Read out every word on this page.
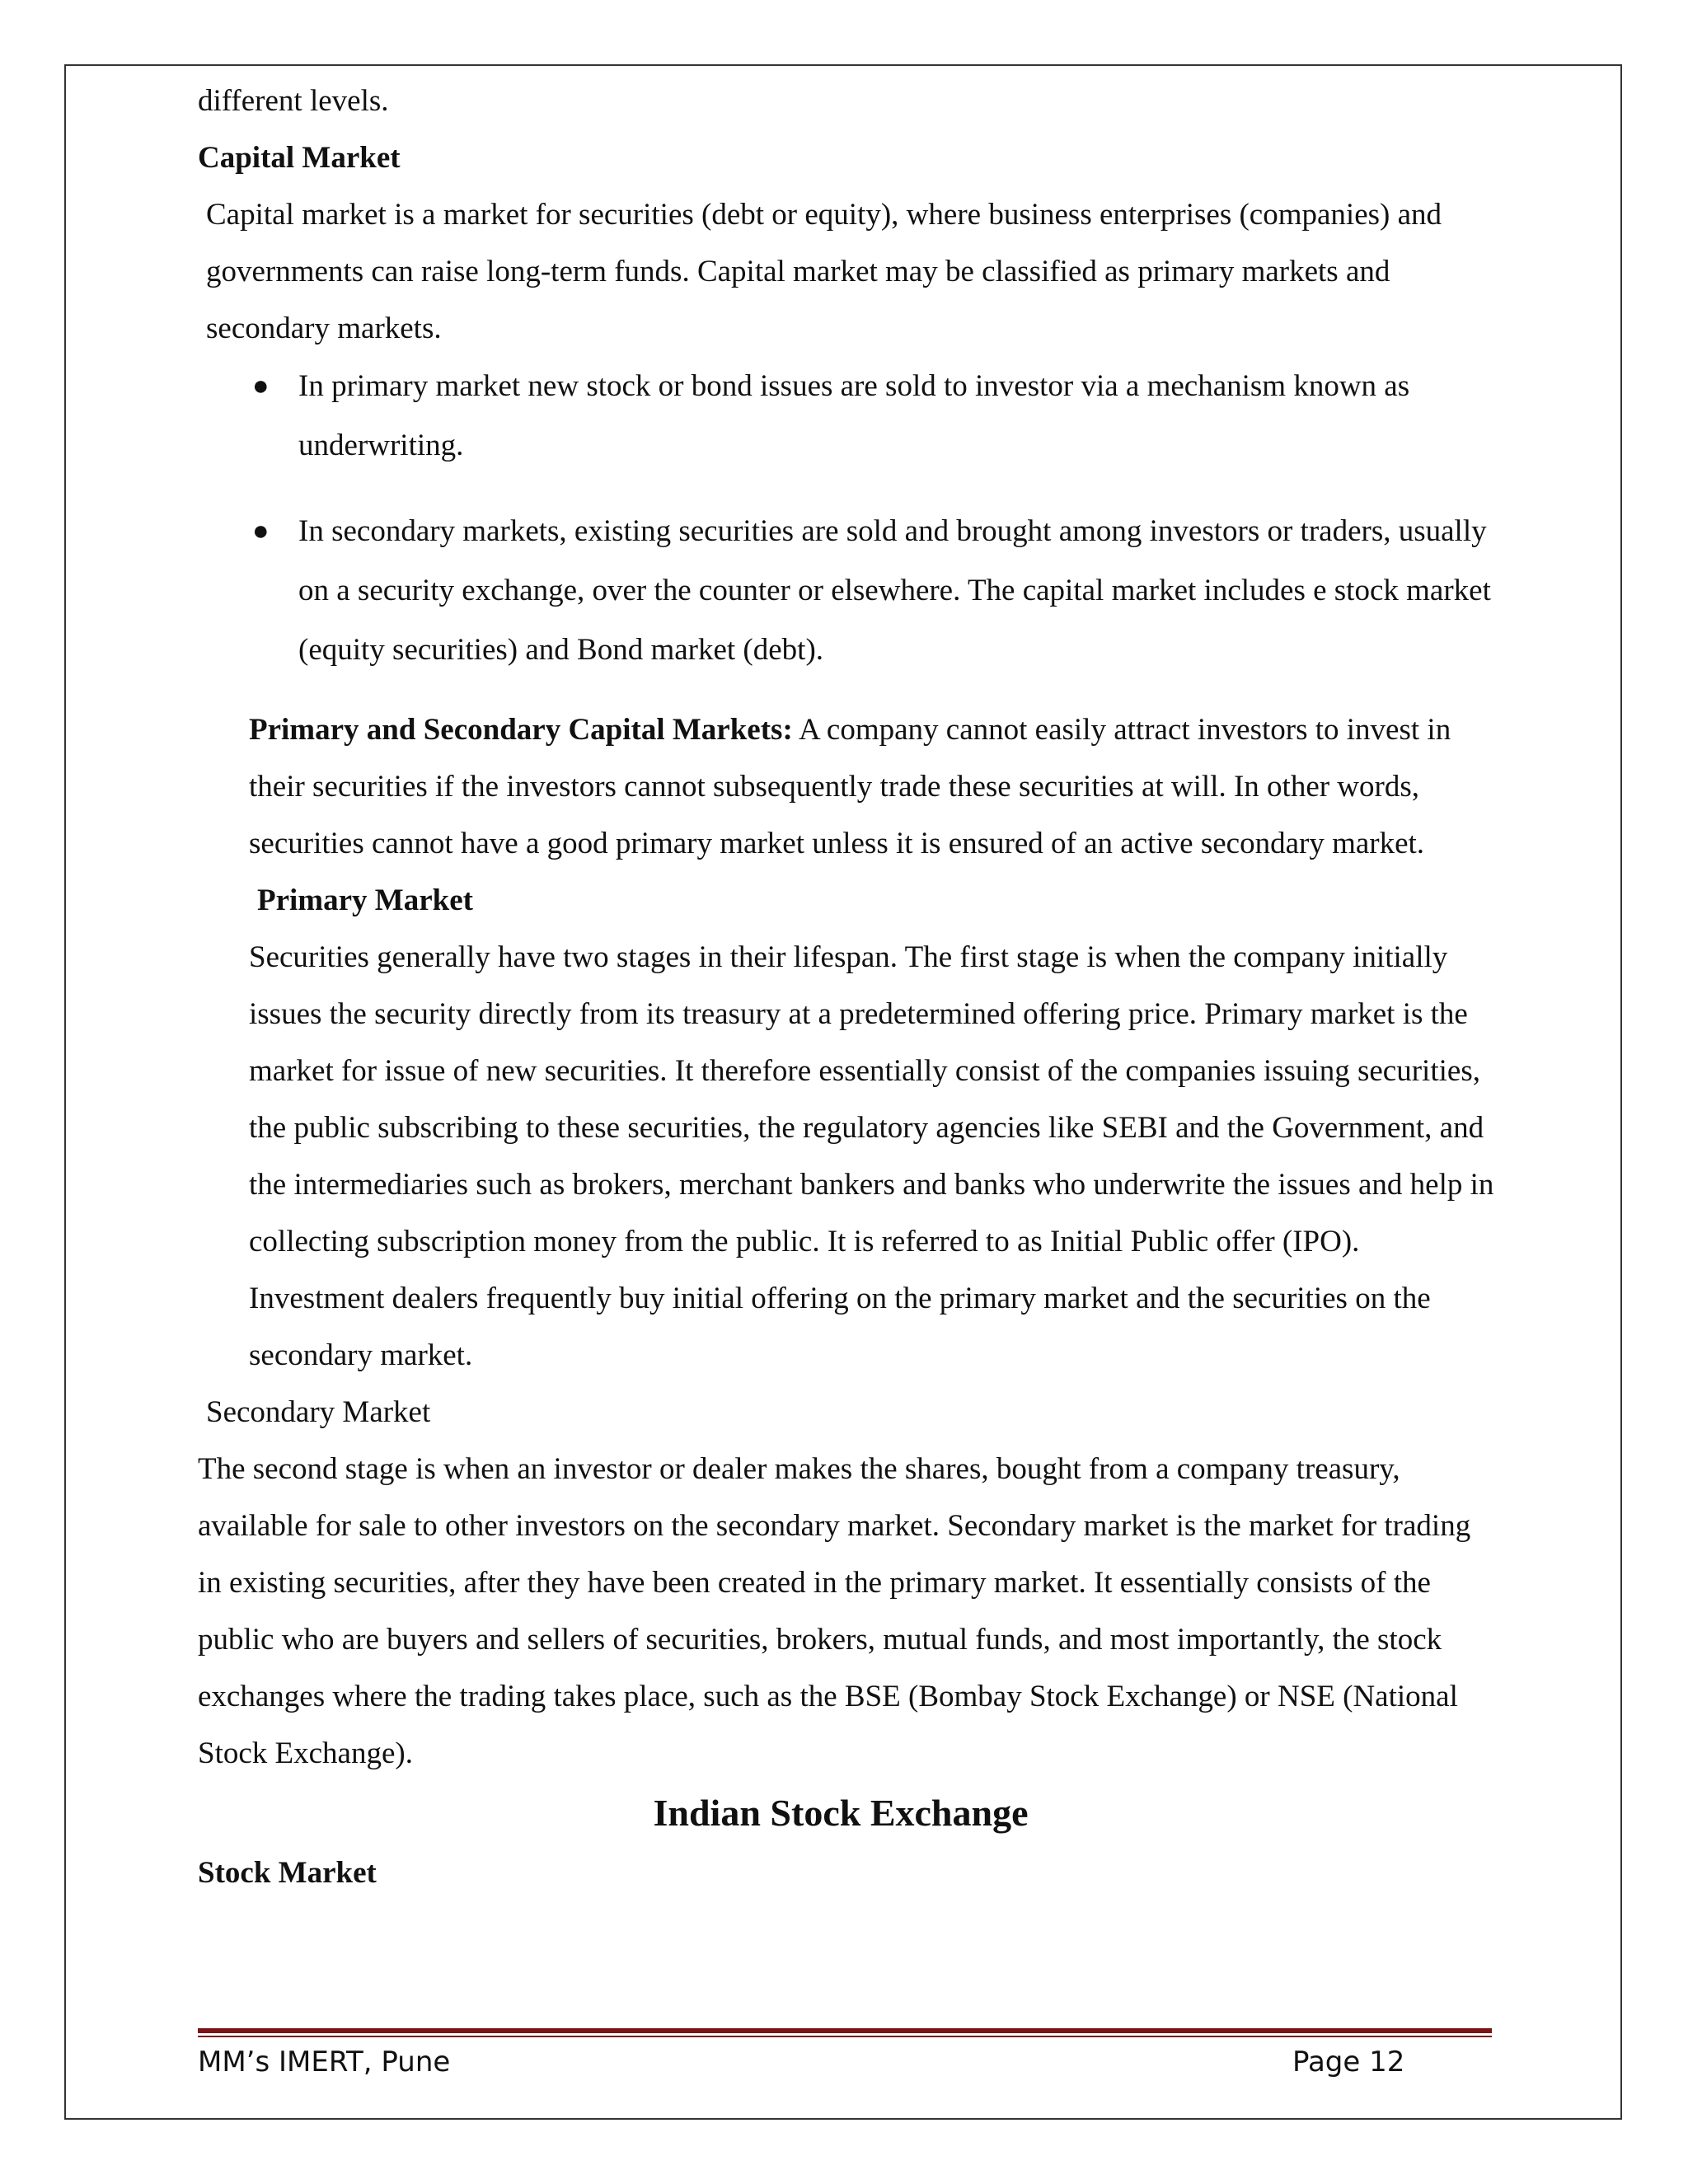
different levels.

Capital Market

Capital market is a market for securities (debt or equity), where business enterprises (companies) and governments can raise long-term funds. Capital market may be classified as primary markets and secondary markets.

● In primary market new stock or bond issues are sold to investor via a mechanism known as underwriting.
● In secondary markets, existing securities are sold and brought among investors or traders, usually on a security exchange, over the counter or elsewhere. The capital market includes e stock market (equity securities) and Bond market (debt).

Primary and Secondary Capital Markets: A company cannot easily attract investors to invest in their securities if the investors cannot subsequently trade these securities at will. In other words, securities cannot have a good primary market unless it is ensured of an active secondary market.

Primary Market

Securities generally have two stages in their lifespan. The first stage is when the company initially issues the security directly from its treasury at a predetermined offering price. Primary market is the market for issue of new securities. It therefore essentially consist of the companies issuing securities, the public subscribing to these securities, the regulatory agencies like SEBI and the Government, and the intermediaries such as brokers, merchant bankers and banks who underwrite the issues and help in collecting subscription money from the public. It is referred to as Initial Public offer (IPO). Investment dealers frequently buy initial offering on the primary market and the securities on the secondary market.

Secondary Market

The second stage is when an investor or dealer makes the shares, bought from a company treasury, available for sale to other investors on the secondary market. Secondary market is the market for trading in existing securities, after they have been created in the primary market. It essentially consists of the public who are buyers and sellers of securities, brokers, mutual funds, and most importantly, the stock exchanges where the trading takes place, such as the BSE (Bombay Stock Exchange) or NSE (National Stock Exchange).

Indian Stock Exchange

Stock Market

MM’s IMERT, Pune	Page 12
